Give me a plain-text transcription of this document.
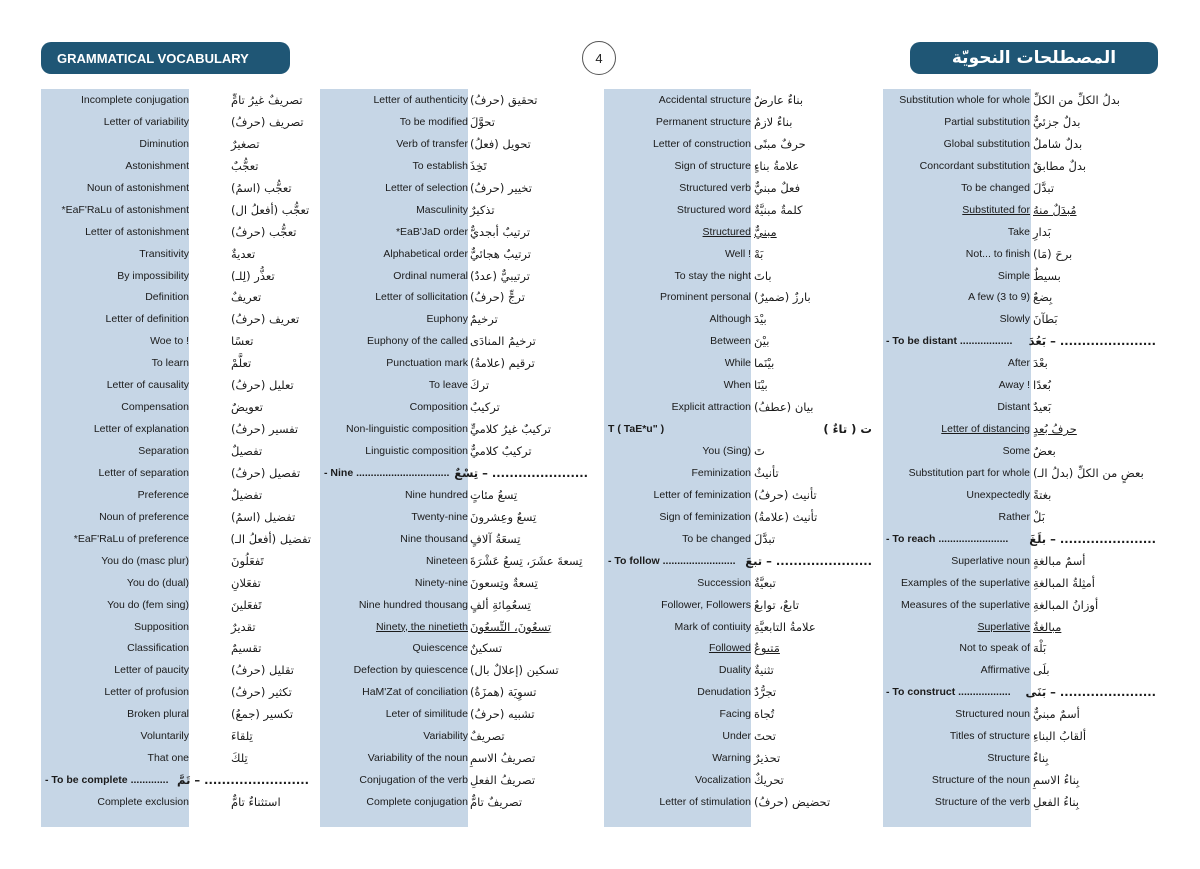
GRAMMATICAL VOCABULARY	4	المصطلحات النحويّة
Incomplete conjugation	تصريفٌ غيرُ تامٍّ
Letter of variability	تصريف (حرفُ)
Diminution	تصغيرٌ
Astonishment	تعجُّبٌ
Noun of astonishment	تعجُّب (اسمُ)
*EaF'RaLu of astonishment	تعجُّب (أفعلُ ال)
Letter of astonishment	تعجُّب (حرفُ)
Transitivity	تعديةٌ
By impossibility	تعذُّر (لِلـ)
Definition	تعريفٌ
Letter of definition	تعريف (حرفُ)
Woe to !	تعسًا
To learn	تعلَّمْ
Letter of causality	تعليل (حرفُ)
Compensation	تعويضٌ
Letter of explanation	تفسير (حرفُ)
Separation	تفصيلٌ
Letter of separation	تفصيل (حرفُ)
Preference	تفضيلٌ
Noun of preference	تفضيل (اسمُ)
*EaF'RaLu of preference	تفضيل (أفعلُ الـ)
You do (masc plur)	تَفعَلُونَ
You do (dual)	تفعَلانِ
You do (fem sing)	تَفعَلينَ
Supposition	تقديرٌ
Classification	تقسيمٌ
Letter of paucity	تقليل (حرفُ)
Letter of profusion	تكثير (حرفُ)
Broken plural	تكسير (جمعُ)
Voluntarily	تِلقاءَ
That one	تِلكَ
- To be complete ............. ........................ – تَمَّ
Complete exclusion	استثناءٌ تامٌّ
Letter of authenticity تحقيق (حرفُ)
To be modified تحوَّلَ
Verb of transfer تحويل (فعلُ)
To establish تَخِذَ
Letter of selection تخيير (حرفُ)
Masculinity تذكيرٌ
*EaB'JaD order ترتيبٌ أبجديٌّ
Alphabetical order ترتيبٌ هجائيٌّ
Ordinal numeral ترتيبيٌّ (عددٌ)
Letter of sollicitation ترجٍّ (حرفُ)
Euphony ترخيمٌ
Euphony of the called ترخيمُ المنادَى
Punctuation mark ترقيم (علامةُ)
To leave تركَ
Composition تركيبٌ
Non-linguistic composition تركيبٌ غيرُ كلاميٍّ
Linguistic composition تركيبٌ كلاميٌّ
- Nine ................................ ...................... – تِسْعٌ
Nine hundred تِسعُ مئاتٍ
Twenty-nine تِسعٌ وعِشرونَ
Nine thousand تِسعَةُ آلافٍ
Nineteen تِسعةَ عشَرَ، تِسعُ عَشْرَةَ
Ninety-nine تِسعةٌ وتِسعونَ
Nine hundred thousang تِسعُمِائةِ ألفٍ
Ninety, the ninetieth تِسعُونَ، التِّسعُونَ
Quiescence تسكينٌ
Defection by quiescence تسكين (إعلالٌ بال)
HaM'Zat of conciliation تسوِيَة (همزَةُ)
Leter of similitude تشبيه (حرفُ)
Variability تصريفٌ
Variability of the noun تصريفُ الاسمِ
Conjugation of the verb تصريفُ الفعلِ
Complete conjugation تصريفٌ تامٌّ
Accidental structure بناءٌ عارضٌ
Permanent structure بناءٌ لازمٌ
Letter of construction حرفٌ مبنًى
Sign of structure علامةُ بناءٍ
Structured verb فعلٌ مبنيٌّ
Structured word كلمةٌ مبنيَّةٌ
Structured مبنيٌّ
Well ! بَهْ
To stay the night باتَ
Prominent personal بارزٌ (ضميرٌ)
Although بيْدَ
Between بيْنَ
While بيْنَما
When بيْنَا
Explicit attraction بيان (عطفُ)
T ( TaE*u" )	ت ( تاءٌ )
You (Sing) تَ
Feminization تأنيثٌ
Letter of feminization تأنيث (حرفُ)
Sign of feminization تأنيث (علامةُ)
To be changed تبدَّلَ
- To follow ......................... ...................... – تبعَ
Succession تبعيَّةٌ
Follower, Followers تابعٌ، توابعُ
Mark of contiuity علامةُ التابعيَّةِ
Followed مَتبوعٌ
Duality تثنيةٌ
Denudation تجرُّدٌ
Facing تُجاهَ
Under تحتَ
Warning تحذيرٌ
Vocalization تحريكٌ
Letter of stimulation تحضيض (حرفُ)
Substitution whole for whole بدلُ الكلِّ من الكلِّ
Partial substitution بدلٌ جزئيٌّ
Global substitution بدلٌ شاملٌ
Concordant substitution بدلٌ مطابقٌ
To be changed تبدَّلَ
Substituted for مُبدَلٌ منهُ
Take بَدارِ
Not... to finish برحَ (مَا)
Simple بسيطٌ
A few (3 to 9) بِضعٌ
Slowly بَطآنَ
- To be distant ..................	...................... – بَعُدَ
After بعْدَ
Away ! بُعدًا
Distant بَعيدٌ
Letter of distancing حرفُ بُعدٍ
Some بعضٌ
Substitution part for whole بعضٍ من الكلِّ (بدلُ الـ)
Unexpectedly بغتةً
Rather بَلْ
- To reach ........................	...................... – بلَغَ
Superlative noun أسمٌ مبالغةٍ
Examples of the superlative أمثِلةُ المبالغةِ
Measures of the superlative أوزانُ المبالغةِ
Superlative مبالغةٌ
Not to speak of بَلْهَ
Affirmative بلَى
- To construct ..................	...................... – بَنَى
Structured noun أسمٌ مبنيٌّ
Titles of structure ألقابُ البناءِ
Structure بِناءٌ
Structure of the noun بِناءُ الاسمِ
Structure of the verb بِناءُ الفعلِ
